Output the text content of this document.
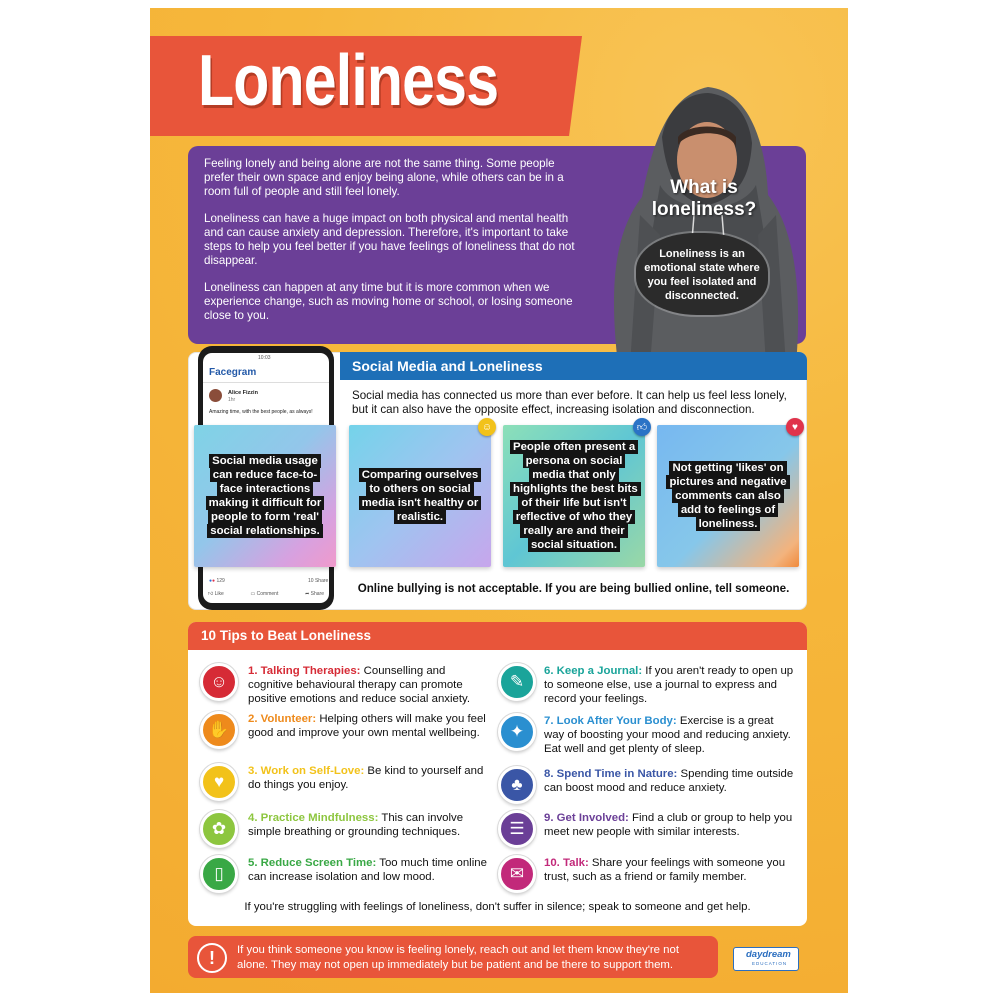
Loneliness

Feeling lonely and being alone are not the same thing. Some people prefer their own space and enjoy being alone, while others can be in a room full of people and still feel lonely.

Loneliness can have a huge impact on both physical and mental health and can cause anxiety and depression. Therefore, it's important to take steps to help you feel better if you have feelings of loneliness that do not disappear.

Loneliness can happen at any time but it is more common when we experience change, such as moving home or school, or losing someone close to you.

What is loneliness?
Loneliness is an emotional state where you feel isolated and disconnected.
Social Media and Loneliness
Social media has connected us more than ever before. It can help us feel less lonely, but it can also have the opposite effect, increasing isolation and disconnection.
10:03
Facegram
Alice Fizzin
1hr
Amazing time, with the best people, as always!
●● 129	10 Share
👍︎ Like	▭ Comment	➦ Share
Social media usage can reduce face-to-face interactions making it difficult for people to form 'real' social relationships.
Comparing ourselves to others on social media isn't healthy or realistic.
☺
People often present a persona on social media that only highlights the best bits of their life but isn't reflective of who they really are and their social situation.
👍︎
Not getting 'likes' on pictures and negative comments can also add to feelings of loneliness.
♥
Online bullying is not acceptable. If you are being bullied online, tell someone.
10 Tips to Beat Loneliness
☺
1. Talking Therapies: Counselling and cognitive behavioural therapy can promote positive emotions and reduce social anxiety.
✋
2. Volunteer: Helping others will make you feel good and improve your own mental wellbeing.
♥
3. Work on Self-Love: Be kind to yourself and do things you enjoy.
✿
4. Practice Mindfulness: This can involve simple breathing or grounding techniques.
▯
5. Reduce Screen Time: Too much time online can increase isolation and low mood.
✎
6. Keep a Journal: If you aren't ready to open up to someone else, use a journal to express and record your feelings.
✦
7. Look After Your Body: Exercise is a great way of boosting your mood and reducing anxiety. Eat well and get plenty of sleep.
♣
8. Spend Time in Nature: Spending time outside can boost mood and reduce anxiety.
☰
9. Get Involved: Find a club or group to help you meet new people with similar interests.
✉
10. Talk: Share your feelings with someone you trust, such as a friend or family member.
If you're struggling with feelings of loneliness, don't suffer in silence; speak to someone and get help.
!	If you think someone you know is feeling lonely, reach out and let them know they're not alone. They may not open up immediately but be patient and be there to support them.
daydream
EDUCATION
